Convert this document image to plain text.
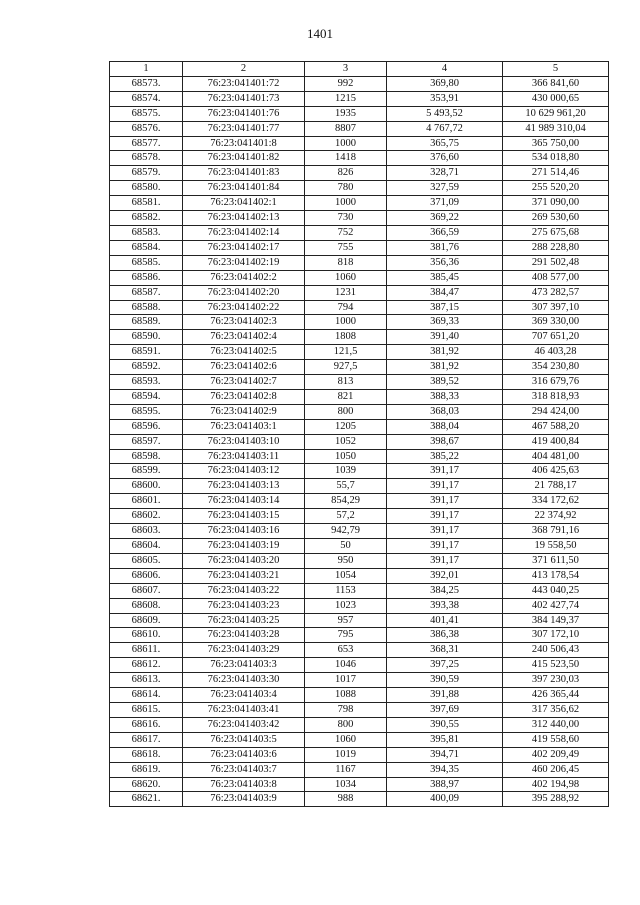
1401
1	2	3	4	5
68573.	76:23:041401:72	992	369,80	366 841,60
68574.	76:23:041401:73	1215	353,91	430 000,65
68575.	76:23:041401:76	1935	5 493,52	10 629 961,20
68576.	76:23:041401:77	8807	4 767,72	41 989 310,04
68577.	76:23:041401:8	1000	365,75	365 750,00
68578.	76:23:041401:82	1418	376,60	534 018,80
68579.	76:23:041401:83	826	328,71	271 514,46
68580.	76:23:041401:84	780	327,59	255 520,20
68581.	76:23:041402:1	1000	371,09	371 090,00
68582.	76:23:041402:13	730	369,22	269 530,60
68583.	76:23:041402:14	752	366,59	275 675,68
68584.	76:23:041402:17	755	381,76	288 228,80
68585.	76:23:041402:19	818	356,36	291 502,48
68586.	76:23:041402:2	1060	385,45	408 577,00
68587.	76:23:041402:20	1231	384,47	473 282,57
68588.	76:23:041402:22	794	387,15	307 397,10
68589.	76:23:041402:3	1000	369,33	369 330,00
68590.	76:23:041402:4	1808	391,40	707 651,20
68591.	76:23:041402:5	121,5	381,92	46 403,28
68592.	76:23:041402:6	927,5	381,92	354 230,80
68593.	76:23:041402:7	813	389,52	316 679,76
68594.	76:23:041402:8	821	388,33	318 818,93
68595.	76:23:041402:9	800	368,03	294 424,00
68596.	76:23:041403:1	1205	388,04	467 588,20
68597.	76:23:041403:10	1052	398,67	419 400,84
68598.	76:23:041403:11	1050	385,22	404 481,00
68599.	76:23:041403:12	1039	391,17	406 425,63
68600.	76:23:041403:13	55,7	391,17	21 788,17
68601.	76:23:041403:14	854,29	391,17	334 172,62
68602.	76:23:041403:15	57,2	391,17	22 374,92
68603.	76:23:041403:16	942,79	391,17	368 791,16
68604.	76:23:041403:19	50	391,17	19 558,50
68605.	76:23:041403:20	950	391,17	371 611,50
68606.	76:23:041403:21	1054	392,01	413 178,54
68607.	76:23:041403:22	1153	384,25	443 040,25
68608.	76:23:041403:23	1023	393,38	402 427,74
68609.	76:23:041403:25	957	401,41	384 149,37
68610.	76:23:041403:28	795	386,38	307 172,10
68611.	76:23:041403:29	653	368,31	240 506,43
68612.	76:23:041403:3	1046	397,25	415 523,50
68613.	76:23:041403:30	1017	390,59	397 230,03
68614.	76:23:041403:4	1088	391,88	426 365,44
68615.	76:23:041403:41	798	397,69	317 356,62
68616.	76:23:041403:42	800	390,55	312 440,00
68617.	76:23:041403:5	1060	395,81	419 558,60
68618.	76:23:041403:6	1019	394,71	402 209,49
68619.	76:23:041403:7	1167	394,35	460 206,45
68620.	76:23:041403:8	1034	388,97	402 194,98
68621.	76:23:041403:9	988	400,09	395 288,92
